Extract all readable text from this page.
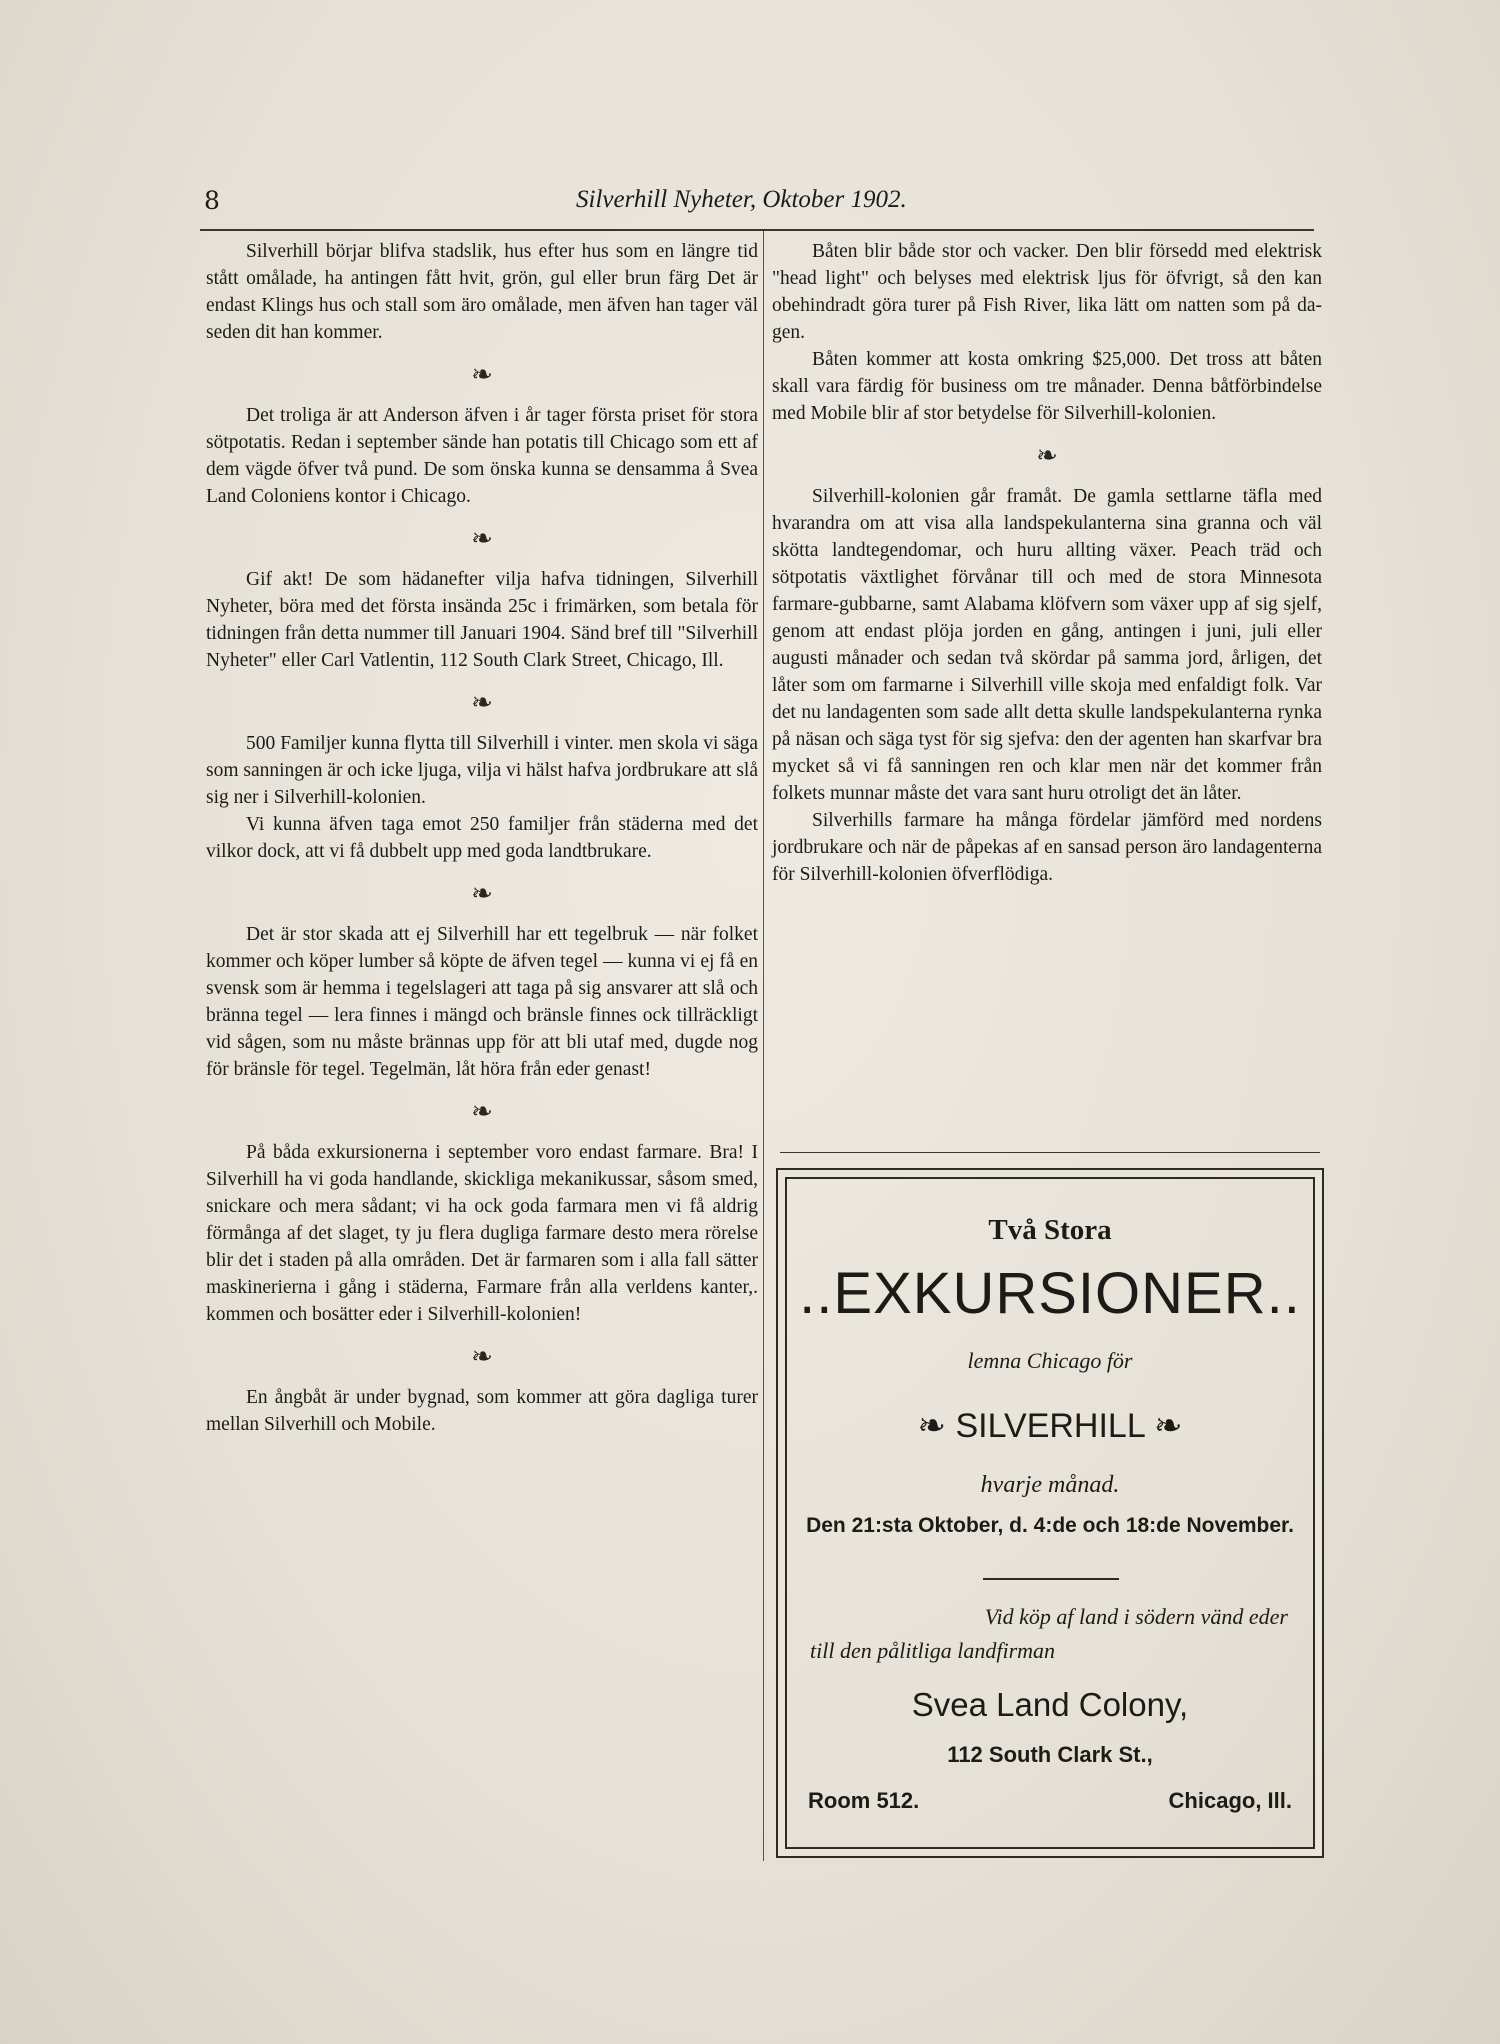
8	Silverhill Nyheter, Oktober 1902.

Silverhill börjar blifva stadslik, hus efter hus som en längre tid stått omålade, ha antingen fått hvit, grön, gul eller brun färg Det är endast Klings hus och stall som äro omålade, men äfven han tager väl seden dit han kommer.

❧

Det troliga är att Anderson äfven i år tager första priset för stora sötpotatis. Redan i september sände han potatis till Chicago som ett af dem vägde öfver två pund. De som önska kunna se densamma å Svea Land Coloniens kontor i Chicago.

❧

Gif akt! De som hädanefter vilja hafva tidningen, Silverhill Nyheter, böra med det första insända 25c i frimärken, som betala för tidningen från detta nummer till Januari 1904. Sänd bref till "Silverhill Nyheter" eller Carl Vatlentin, 112 South Clark Street, Chicago, Ill.

❧

500 Familjer kunna flytta till Silverhill i vinter. men skola vi säga som sanningen är och icke ljuga, vilja vi hälst hafva jordbrukare att slå sig ner i Silverhill-kolonien.

Vi kunna äfven taga emot 250 familjer från städerna med det vilkor dock, att vi få dubbelt upp med goda landtbrukare.

❧

Det är stor skada att ej Silverhill har ett tegelbruk — när folket kommer och köper lumber så köpte de äfven tegel — kunna vi ej få en svensk som är hemma i tegelslageri att taga på sig ansvarer att slå och bränna tegel — lera finnes i mängd och bränsle finnes ock tillräckligt vid sågen, som nu måste brännas upp för att bli utaf med, dugde nog för bränsle för tegel. Tegelmän, låt höra från eder genast!

❧

På båda exkursionerna i september voro endast farmare. Bra! I Silverhill ha vi goda handlande, skickliga mekanikussar, såsom smed, snickare och mera sådant; vi ha ock goda farmara men vi få aldrig förmånga af det slaget, ty ju flera dugliga farmare desto mera rörelse blir det i staden på alla områden. Det är farmaren som i alla fall sätter maskinerierna i gång i städerna, Farmare från alla verldens kanter,. kommen och bosätter eder i Silverhill-kolonien!

❧

En ångbåt är under bygnad, som kommer att göra dagliga turer mellan Silverhill och Mobile.

Båten blir både stor och vacker. Den blir försedd med elektrisk "head light" och belyses med elektrisk ljus för öfvrigt, så den kan obehindradt göra turer på Fish River, lika lätt om natten som på da-gen.

Båten kommer att kosta omkring $25,000. Det tross att båten skall vara färdig för business om tre månader. Denna båtförbindelse med Mobile blir af stor betydelse för Silverhill-kolonien.

❧

Silverhill-kolonien går framåt. De gamla settlarne täfla med hvarandra om att visa alla landspekulanterna sina granna och väl skötta landtegendomar, och huru allting växer. Peach träd och sötpotatis växtlighet förvånar till och med de stora Minnesota farmare-gubbarne, samt Alabama klöfvern som växer upp af sig sjelf, genom att endast plöja jorden en gång, antingen i juni, juli eller augusti månader och sedan två skördar på samma jord, årligen, det låter som om farmarne i Silverhill ville skoja med enfaldigt folk. Var det nu landagenten som sade allt detta skulle landspekulanterna rynka på näsan och säga tyst för sig sjefva: den der agenten han skarfvar bra mycket så vi få sanningen ren och klar men när det kommer från folkets munnar måste det vara sant huru otroligt det än låter.

Silverhills farmare ha många fördelar jämförd med nordens jordbrukare och när de påpekas af en sansad person äro landagenterna för Silverhill-kolonien öfverflödiga.

Två Stora
..EXKURSIONER..
lemna Chicago för
❧ SILVERHILL ❧
hvarje månad.
Den 21:sta Oktober, d. 4:de och 18:de November.
Vid köp af land i södern vänd eder
till den pålitliga landfirman
Svea Land Colony,
112 South Clark St.,
Room 512.	Chicago, Ill.
